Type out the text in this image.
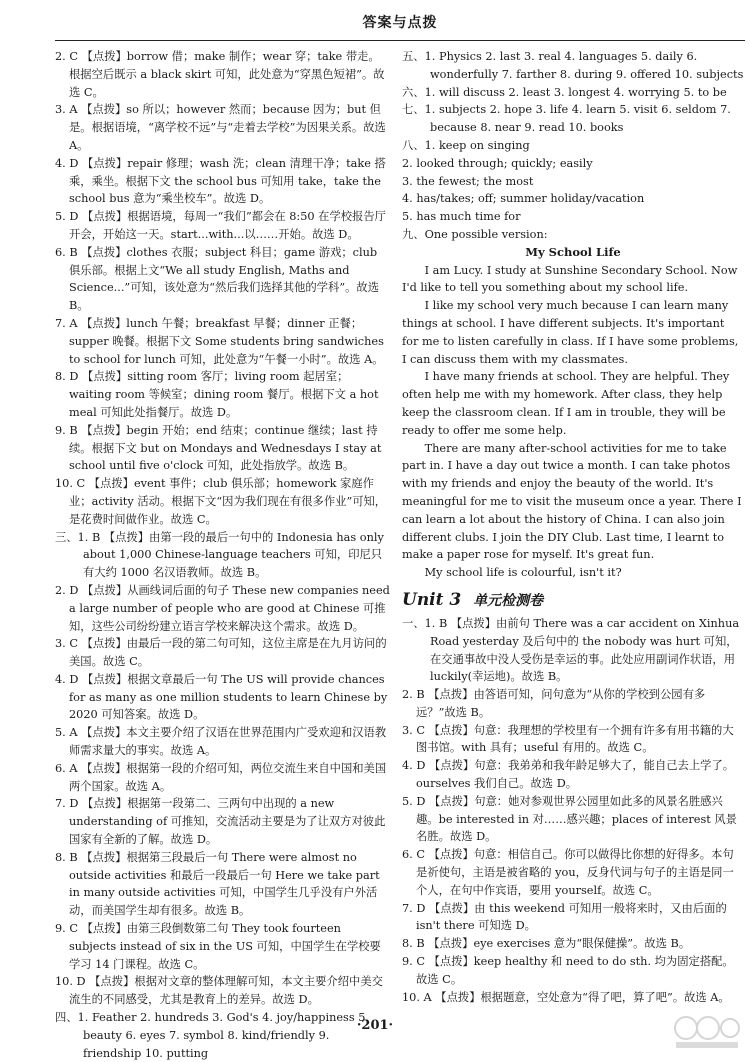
答案与点拨

2. C 【点拨】borrow 借；make 制作；wear 穿；take 带走。根据空后既示 a black skirt 可知，此处意为“穿黑色短裙”。故选 C。

3. A 【点拨】so 所以；however 然而；because 因为；but 但是。根据语境，“离学校不远”与“走着去学校”为因果关系。故选 A。

4. D 【点拨】repair 修理；wash 洗；clean 清理干净；take 搭乘，乘坐。根据下文 the school bus 可知用 take，take the school bus 意为“乘坐校车”。故选 D。

5. D 【点拨】根据语境，每周一“我们”都会在 8:50 在学校报告厅开会，开始这一天。start...with...以……开始。故选 D。

6. B 【点拨】clothes 衣服；subject 科目；game 游戏；club 俱乐部。根据上文“We all study English, Maths and Science...”可知，该处意为“然后我们选择其他的学科”。故选 B。

7. A 【点拨】lunch 午餐；breakfast 早餐；dinner 正餐；supper 晚餐。根据下文 Some students bring sandwiches to school for lunch 可知，此处意为“午餐一小时”。故选 A。

8. D 【点拨】sitting room 客厅；living room 起居室；waiting room 等候室；dining room 餐厅。根据下文 a hot meal 可知此处指餐厅。故选 D。

9. B 【点拨】begin 开始；end 结束；continue 继续；last 持续。根据下文 but on Mondays and Wednesdays I stay at school until five o'clock 可知，此处指放学。故选 B。

10. C 【点拨】event 事件；club 俱乐部；homework 家庭作业；activity 活动。根据下文“因为我们现在有很多作业”可知，是花费时间做作业。故选 C。

三、1. B 【点拨】由第一段的最后一句中的 Indonesia has only about 1,000 Chinese-language teachers 可知，印尼只有大约 1000 名汉语教师。故选 B。

2. D 【点拨】从画线词后面的句子 These new companies need a large number of people who are good at Chinese 可推知，这些公司纷纷建立语言学校来解决这个需求。故选 D。

3. C 【点拨】由最后一段的第二句可知，这位主席是在九月访问的美国。故选 C。

4. D 【点拨】根据文章最后一句 The US will provide chances for as many as one million students to learn Chinese by 2020 可知答案。故选 D。

5. A 【点拨】本文主要介绍了汉语在世界范围内广受欢迎和汉语教师需求量大的事实。故选 A。

6. A 【点拨】根据第一段的介绍可知，两位交流生来自中国和美国两个国家。故选 A。

7. D 【点拨】根据第一段第二、三两句中出现的 a new understanding of 可推知，交流活动主要是为了让双方对彼此国家有全新的了解。故选 D。

8. B 【点拨】根据第三段最后一句 There were almost no outside activities 和最后一段最后一句 Here we take part in many outside activities 可知，中国学生几乎没有户外活动，而美国学生却有很多。故选 B。

9. C 【点拨】由第三段倒数第二句 They took fourteen subjects instead of six in the US 可知，中国学生在学校要学习 14 门课程。故选 C。

10. D 【点拨】根据对文章的整体理解可知，本文主要介绍中美交流生的不同感受，尤其是教育上的差异。故选 D。

四、1. Feather 2. hundreds 3. God's 4. joy/happiness 5. beauty 6. eyes 7. symbol 8. kind/friendly 9. friendship 10. putting

五、1. Physics 2. last 3. real 4. languages 5. daily 6. wonderfully 7. farther 8. during 9. offered 10. subjects

六、1. will discuss 2. least 3. longest 4. worrying 5. to be

七、1. subjects 2. hope 3. life 4. learn 5. visit 6. seldom 7. because 8. near 9. read 10. books

八、1. keep on singing

2. looked through; quickly; easily

3. the fewest; the most

4. has/takes; off; summer holiday/vacation

5. has much time for

九、One possible version:

My School Life

I am Lucy. I study at Sunshine Secondary School. Now I'd like to tell you something about my school life.

I like my school very much because I can learn many things at school. I have different subjects. It's important for me to listen carefully in class. If I have some problems, I can discuss them with my classmates.

I have many friends at school. They are helpful. They often help me with my homework. After class, they help keep the classroom clean. If I am in trouble, they will be ready to offer me some help.

There are many after-school activities for me to take part in. I have a day out twice a month. I can take photos with my friends and enjoy the beauty of the world. It's meaningful for me to visit the museum once a year. There I can learn a lot about the history of China. I can also join different clubs. I join the DIY Club. Last time, I learnt to make a paper rose for myself. It's great fun.

My school life is colourful, isn't it?

Unit 3 单元检测卷

一、1. B 【点拨】由前句 There was a car accident on Xinhua Road yesterday 及后句中的 the nobody was hurt 可知，在交通事故中没人受伤是幸运的事。此处应用副词作状语，用 luckily(幸运地)。故选 B。

2. B 【点拨】由答语可知，问句意为“从你的学校到公园有多远？”故选 B。

3. C 【点拨】句意：我理想的学校里有一个拥有许多有用书籍的大图书馆。with 具有；useful 有用的。故选 C。

4. D 【点拨】句意：我弟弟和我年龄足够大了，能自己去上学了。ourselves 我们自己。故选 D。

5. D 【点拨】句意：她对参观世界公园里如此多的风景名胜感兴趣。be interested in 对……感兴趣；places of interest 风景名胜。故选 D。

6. C 【点拨】句意：相信自己。你可以做得比你想的好得多。本句是祈使句，主语是被省略的 you，反身代词与句子的主语是同一个人，在句中作宾语，要用 yourself。故选 C。

7. D 【点拨】由 this weekend 可知用一般将来时，又由后面的 isn't there 可知选 D。

8. B 【点拨】eye exercises 意为“眼保健操”。故选 B。

9. C 【点拨】keep healthy 和 need to do sth. 均为固定搭配。故选 C。

10. A 【点拨】根据题意，空处意为“得了吧，算了吧”。故选 A。

·201·
